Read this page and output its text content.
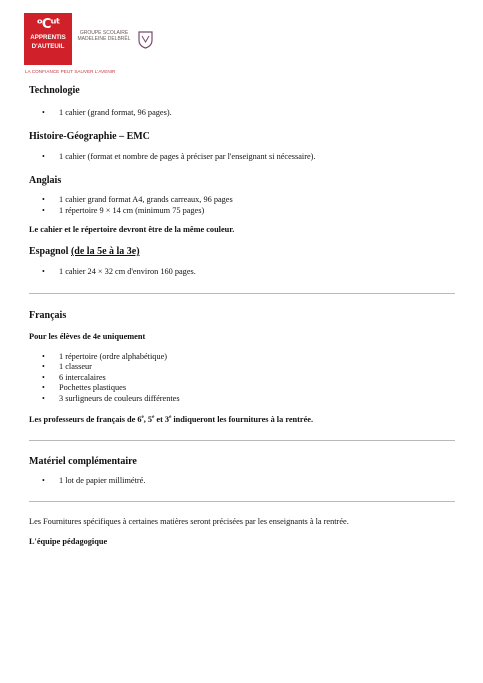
ᵒϹᵘᵗ
APPRENTIS
D'AUTEUIL
GROUPE SCOLAIRE
MADELEINE DELBRÊL
LA CONFIANCE PEUT SAUVER L'AVENIR
Technologie
• 1 cahier (grand format, 96 pages).
Histoire-Géographie – EMC
• 1 cahier (format et nombre de pages à préciser par l'enseignant si nécessaire).
Anglais
• 1 cahier grand format A4, grands carreaux, 96 pages
• 1 répertoire 9 × 14 cm (minimum 75 pages)

Le cahier et le répertoire devront être de la même couleur.

Espagnol (de la 5e à la 3e)
• 1 cahier 24 × 32 cm d'environ 160 pages.
Français

Pour les élèves de 4e uniquement

• 1 répertoire (ordre alphabétique)
• 1 classeur
• 6 intercalaires
• Pochettes plastiques
• 3 surligneurs de couleurs différentes

Les professeurs de français de 6e, 5e et 3e indiqueront les fournitures à la rentrée.

Matériel complémentaire
• 1 lot de papier millimétré.

Les Fournitures spécifiques à certaines matières seront précisées par les enseignants à la rentrée.

L'équipe pédagogique
